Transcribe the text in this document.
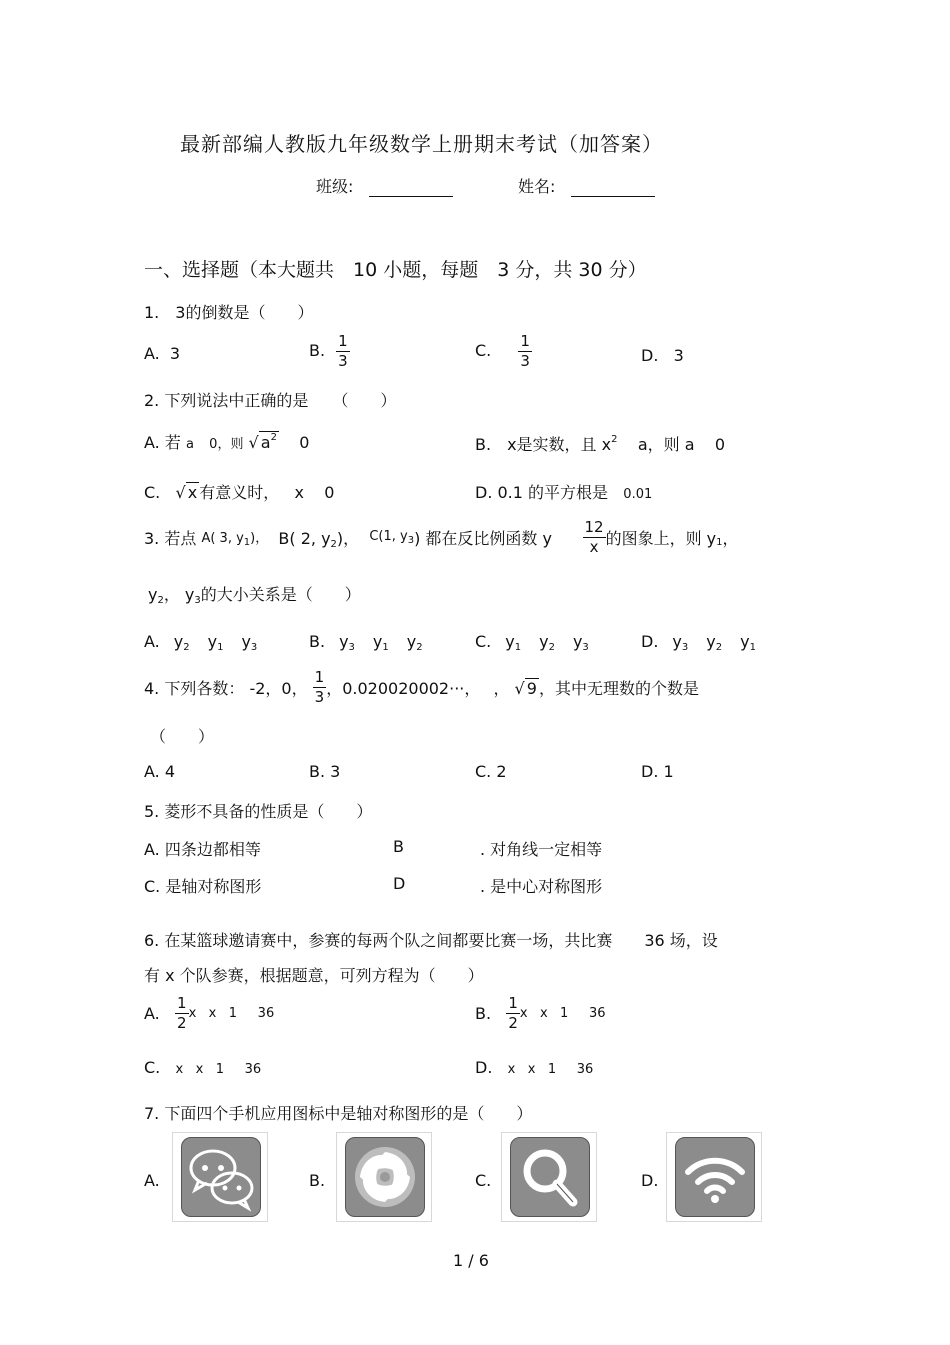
最新部编人教版九年级数学上册期末考试（加答案）
班级:	姓名:
一、选择题（本大题共　10 小题，每题　3 分，共 30 分）
1.　3的倒数是（　　）
A. 3	B. $\frac{1}{3}$	C. $\frac{1}{3}$	D. 3
2. 下列说法中正确的是　　（　　）
A. 若 a 0，则 √ $a^2$ 0	B.　x是实数，且 $x^2$ a，则 a 0
C. √ x 有意义时， x 0	D. 0.1 的平方根是 0.01
3. 若点 A( 3, $y_1$)， B( 2, $y_2$)， C(1, $y_3$) 都在反比例函数 y $\frac{12}{x}$ 的图象上，则 $y_1$，
$y_2$， $y_3$的大小关系是（　　）
A. $y_2$ $y_1$ $y_3$	B. $y_3$ $y_1$ $y_2$	C. $y_1$ $y_2$ $y_3$	D. $y_3$ $y_2$ $y_1$
4. 下列各数： -2，0， $\frac{1}{3}$ ，0.020020002···，　 ， √ 9 ，其中无理数的个数是
（　　）
A. 4	B. 3	C. 2	D. 1
5. 菱形不具备的性质是（　　）
A. 四条边都相等	B	. 对角线一定相等
C. 是轴对称图形	D	. 是中心对称图形
6. 在某篮球邀请赛中，参赛的每两个队之间都要比赛一场，共比赛　　36 场，设
有 x 个队参赛，根据题意，可列方程为（　　）
A. $\frac{1}{2}$ x   x   1     36	B. $\frac{1}{2}$ x   x   1     36
C. x   x   1     36	D. x   x   1     36
7. 下面四个手机应用图标中是轴对称图形的是（　　）
A.	B.	C.	D.
1 / 6
